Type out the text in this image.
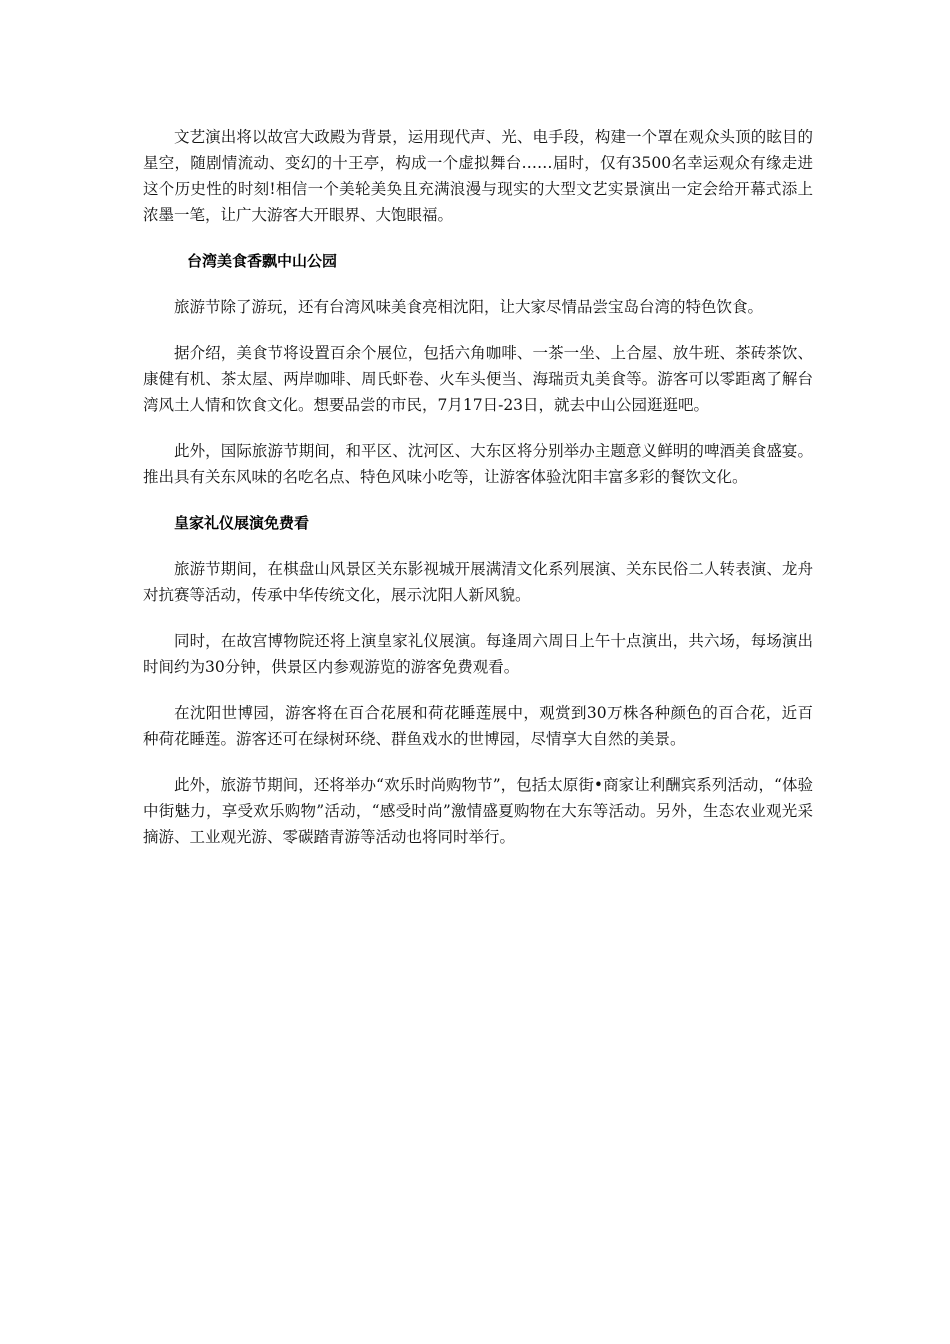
文艺演出将以故宫大政殿为背景，运用现代声、光、电手段，构建一个罩在观众头顶的眩目的星空，随剧情流动、变幻的十王亭，构成一个虚拟舞台……届时，仅有3500名幸运观众有缘走进这个历史性的时刻!相信一个美轮美奂且充满浪漫与现实的大型文艺实景演出一定会给开幕式添上浓墨一笔，让广大游客大开眼界、大饱眼福。

台湾美食香飘中山公园

旅游节除了游玩，还有台湾风味美食亮相沈阳，让大家尽情品尝宝岛台湾的特色饮食。

据介绍，美食节将设置百余个展位，包括六角咖啡、一茶一坐、上合屋、放牛班、茶砖茶饮、康健有机、茶太屋、两岸咖啡、周氏虾卷、火车头便当、海瑞贡丸美食等。游客可以零距离了解台湾风土人情和饮食文化。想要品尝的市民，7月17日-23日，就去中山公园逛逛吧。

此外，国际旅游节期间，和平区、沈河区、大东区将分别举办主题意义鲜明的啤酒美食盛宴。推出具有关东风味的名吃名点、特色风味小吃等，让游客体验沈阳丰富多彩的餐饮文化。

皇家礼仪展演免费看

旅游节期间，在棋盘山风景区关东影视城开展满清文化系列展演、关东民俗二人转表演、龙舟对抗赛等活动，传承中华传统文化，展示沈阳人新风貌。

同时，在故宫博物院还将上演皇家礼仪展演。每逢周六周日上午十点演出，共六场，每场演出时间约为30分钟，供景区内参观游览的游客免费观看。

在沈阳世博园，游客将在百合花展和荷花睡莲展中，观赏到30万株各种颜色的百合花，近百种荷花睡莲。游客还可在绿树环绕、群鱼戏水的世博园，尽情享大自然的美景。

此外，旅游节期间，还将举办“欢乐时尚购物节”，包括太原街•商家让利酬宾系列活动，“体验中街魅力，享受欢乐购物”活动，“感受时尚”激情盛夏购物在大东等活动。另外，生态农业观光采摘游、工业观光游、零碳踏青游等活动也将同时举行。
